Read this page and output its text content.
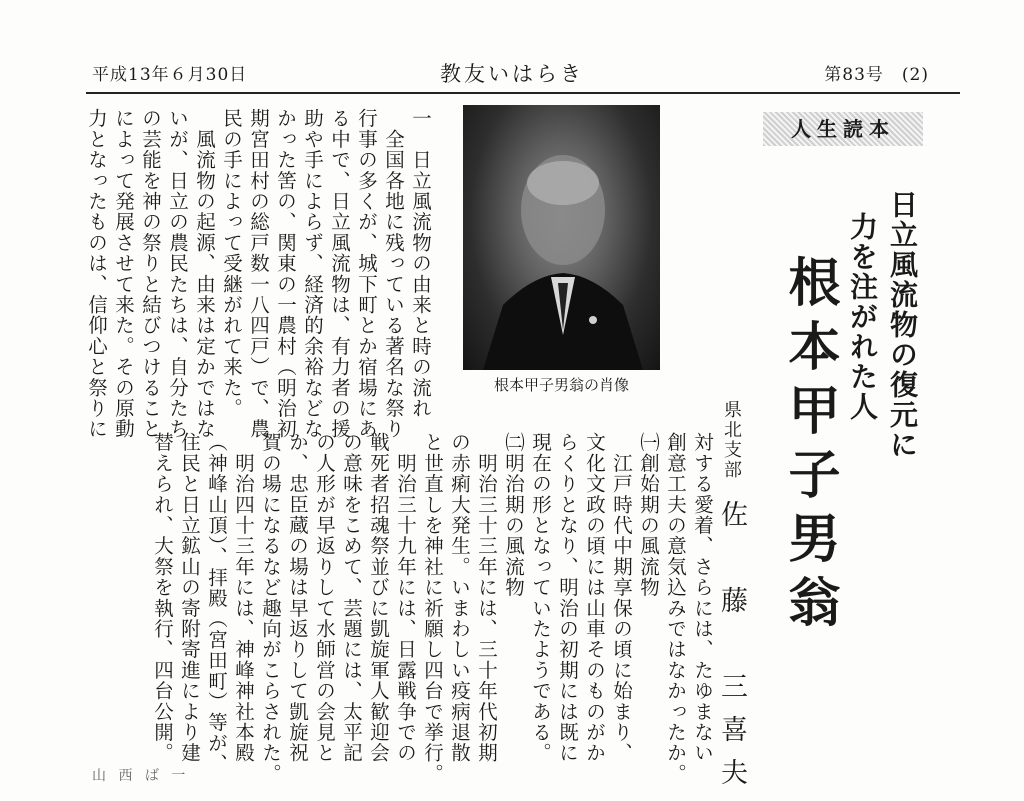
平成13年６月30日	教友いはらき	第83号　(2)
一　日立風流物の由来と時の流れ
　全国各地に残っている著名な祭り
行事の多くが、城下町とか宿場にあ
る中で、日立風流物は、有力者の援
助や手によらず、経済的余裕などな
かった筈の、関東の一農村（明治初
期宮田村の総戸数一八四戸）で、農
民の手によって受継がれて来た。
　風流物の起源、由来は定かではな
いが、日立の農民たちは、自分たち
の芸能を神の祭りと結びつけること
によって発展させて来た。その原動
力となったものは、信仰心と祭りに	根本甲子男翁の肖像
人生読本
日立風流物の復元に
力を注がれた人
根本甲子男翁
県北支部
佐　藤　三喜夫
対する愛着、さらには、たゆまない
創意工夫の意気込みではなかったか。
㈠創始期の風流物
　江戸時代中期享保の頃に始まり、
文化文政の頃には山車そのものがか
らくりとなり、明治の初期には既に
現在の形となっていたようである。
㈡明治期の風流物
　明治三十三年には、三十年代初期
の赤痢大発生。いまわしい疫病退散
と世直しを神社に祈願し四台で挙行。
　明治三十九年には、日露戦争での
戦死者招魂祭並びに凱旋軍人歓迎会
の意味をこめて、芸題には、太平記
の人形が早返りして水師営の会見と
か、忠臣蔵の場は早返りして凱旋祝
賀の場になるなど趣向がこらされた。
　明治四十三年には、神峰神社本殿
（神峰山頂）、拝殿（宮田町）等が、
住民と日立鉱山の寄附寄進により建
替えられ、大祭を執行、四台公開。
山 西 ば 一
